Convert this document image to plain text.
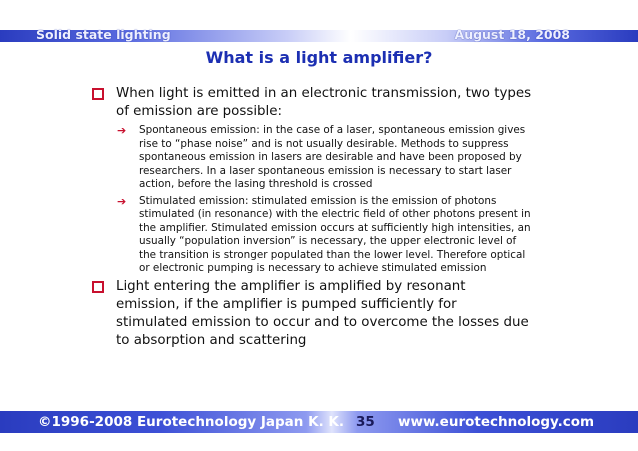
Solid state lighting	August 18, 2008
What is a light amplifier?
When light is emitted in an electronic transmission, two types of emission are possible:
➔ Spontaneous emission: in the case of a laser, spontaneous emission gives rise to “phase noise” and is not usually desirable. Methods to suppress spontaneous emission in lasers are desirable and have been proposed by researchers. In a laser spontaneous emission is necessary to start laser action, before the lasing threshold is crossed
➔ Stimulated emission: stimulated emission is the emission of photons stimulated (in resonance) with the electric field of other photons present in the amplifier. Stimulated emission occurs at sufficiently high intensities, an usually “population inversion” is necessary, the upper electronic level of the transition is stronger populated than the lower level. Therefore optical or electronic pumping is necessary to achieve stimulated emission
Light entering the amplifier is amplified by resonant emission, if the amplifier is pumped sufficiently for stimulated emission to occur and to overcome the losses due to absorption and scattering
©1996-2008 Eurotechnology Japan K. K. 35 www.eurotechnology.com
